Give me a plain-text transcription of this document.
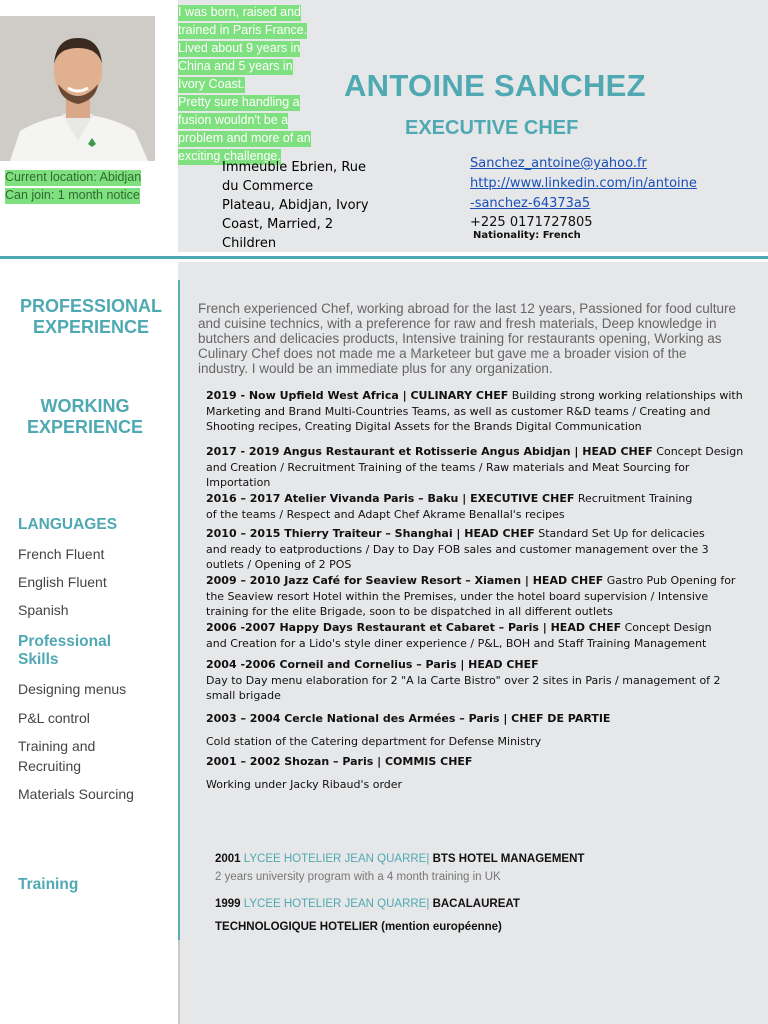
I was born, raised and
trained in Paris France.
Lived about 9 years in
China and 5 years in
Ivory Coast.
Pretty sure handling a
fusion wouldn't be a
problem and more of an
exciting challenge.
Current location: Abidjan
Can join: 1 month notice
ANTOINE SANCHEZ
EXECUTIVE CHEF
Immeuble Ebrien, Rue
du Commerce
Plateau, Abidjan, Ivory
Coast, Married, 2
Children
Sanchez_antoine@yahoo.fr
http://www.linkedin.com/in/antoine
-sanchez-64373a5
+225 0171727805
Nationality: French
PROFESSIONAL
EXPERIENCE
WORKING
EXPERIENCE
LANGUAGES
French Fluent
English Fluent
Spanish
Professional
Skills
Designing menus
P&L control
Training and Recruiting
Materials Sourcing
Training
French experienced Chef, working abroad for the last 12 years, Passioned for food culture and cuisine technics, with a preference for raw and fresh materials, Deep knowledge in butchers and delicacies products, Intensive training for restaurants opening, Working as Culinary Chef does not made me a Marketeer but gave me a broader vision of the industry. I would be an immediate plus for any organization.
2019 - Now Upfield West Africa | CULINARY CHEF Building strong working relationships with Marketing and Brand Multi-Countries Teams, as well as customer R&D teams / Creating and Shooting recipes, Creating Digital Assets for the Brands Digital Communication
2017 - 2019 Angus Restaurant et Rotisserie Angus Abidjan | HEAD CHEF Concept Design and Creation / Recruitment Training of the teams / Raw materials and Meat Sourcing for Importation
2016 – 2017 Atelier Vivanda Paris – Baku | EXECUTIVE CHEF Recruitment Training of the teams / Respect and Adapt Chef Akrame Benallal's recipes
2010 – 2015 Thierry Traiteur – Shanghai | HEAD CHEF Standard Set Up for delicacies and ready to eatproductions / Day to Day FOB sales and customer management over the 3 outlets / Opening of 2 POS
2009 – 2010 Jazz Café for Seaview Resort – Xiamen | HEAD CHEF Gastro Pub Opening for the Seaview resort Hotel within the Premises, under the hotel board supervision / Intensive training for the elite Brigade, soon to be dispatched in all different outlets
2006 -2007 Happy Days Restaurant et Cabaret – Paris | HEAD CHEF Concept Design and Creation for a Lido's style diner experience / P&L, BOH and Staff Training Management
2004 -2006 Corneil and Cornelius – Paris | HEAD CHEF
Day to Day menu elaboration for 2 "A la Carte Bistro" over 2 sites in Paris / management of 2 small brigade
2003 – 2004 Cercle National des Armées – Paris | CHEF DE PARTIE
Cold station of the Catering department for Defense Ministry
2001 – 2002 Shozan – Paris | COMMIS CHEF
Working under Jacky Ribaud's order
2001 LYCEE HOTELIER JEAN QUARRE| BTS HOTEL MANAGEMENT
2 years university program with a 4 month training in UK
1999 LYCEE HOTELIER JEAN QUARRE| BACALAUREAT
TECHNOLOGIQUE HOTELIER (mention européenne)
